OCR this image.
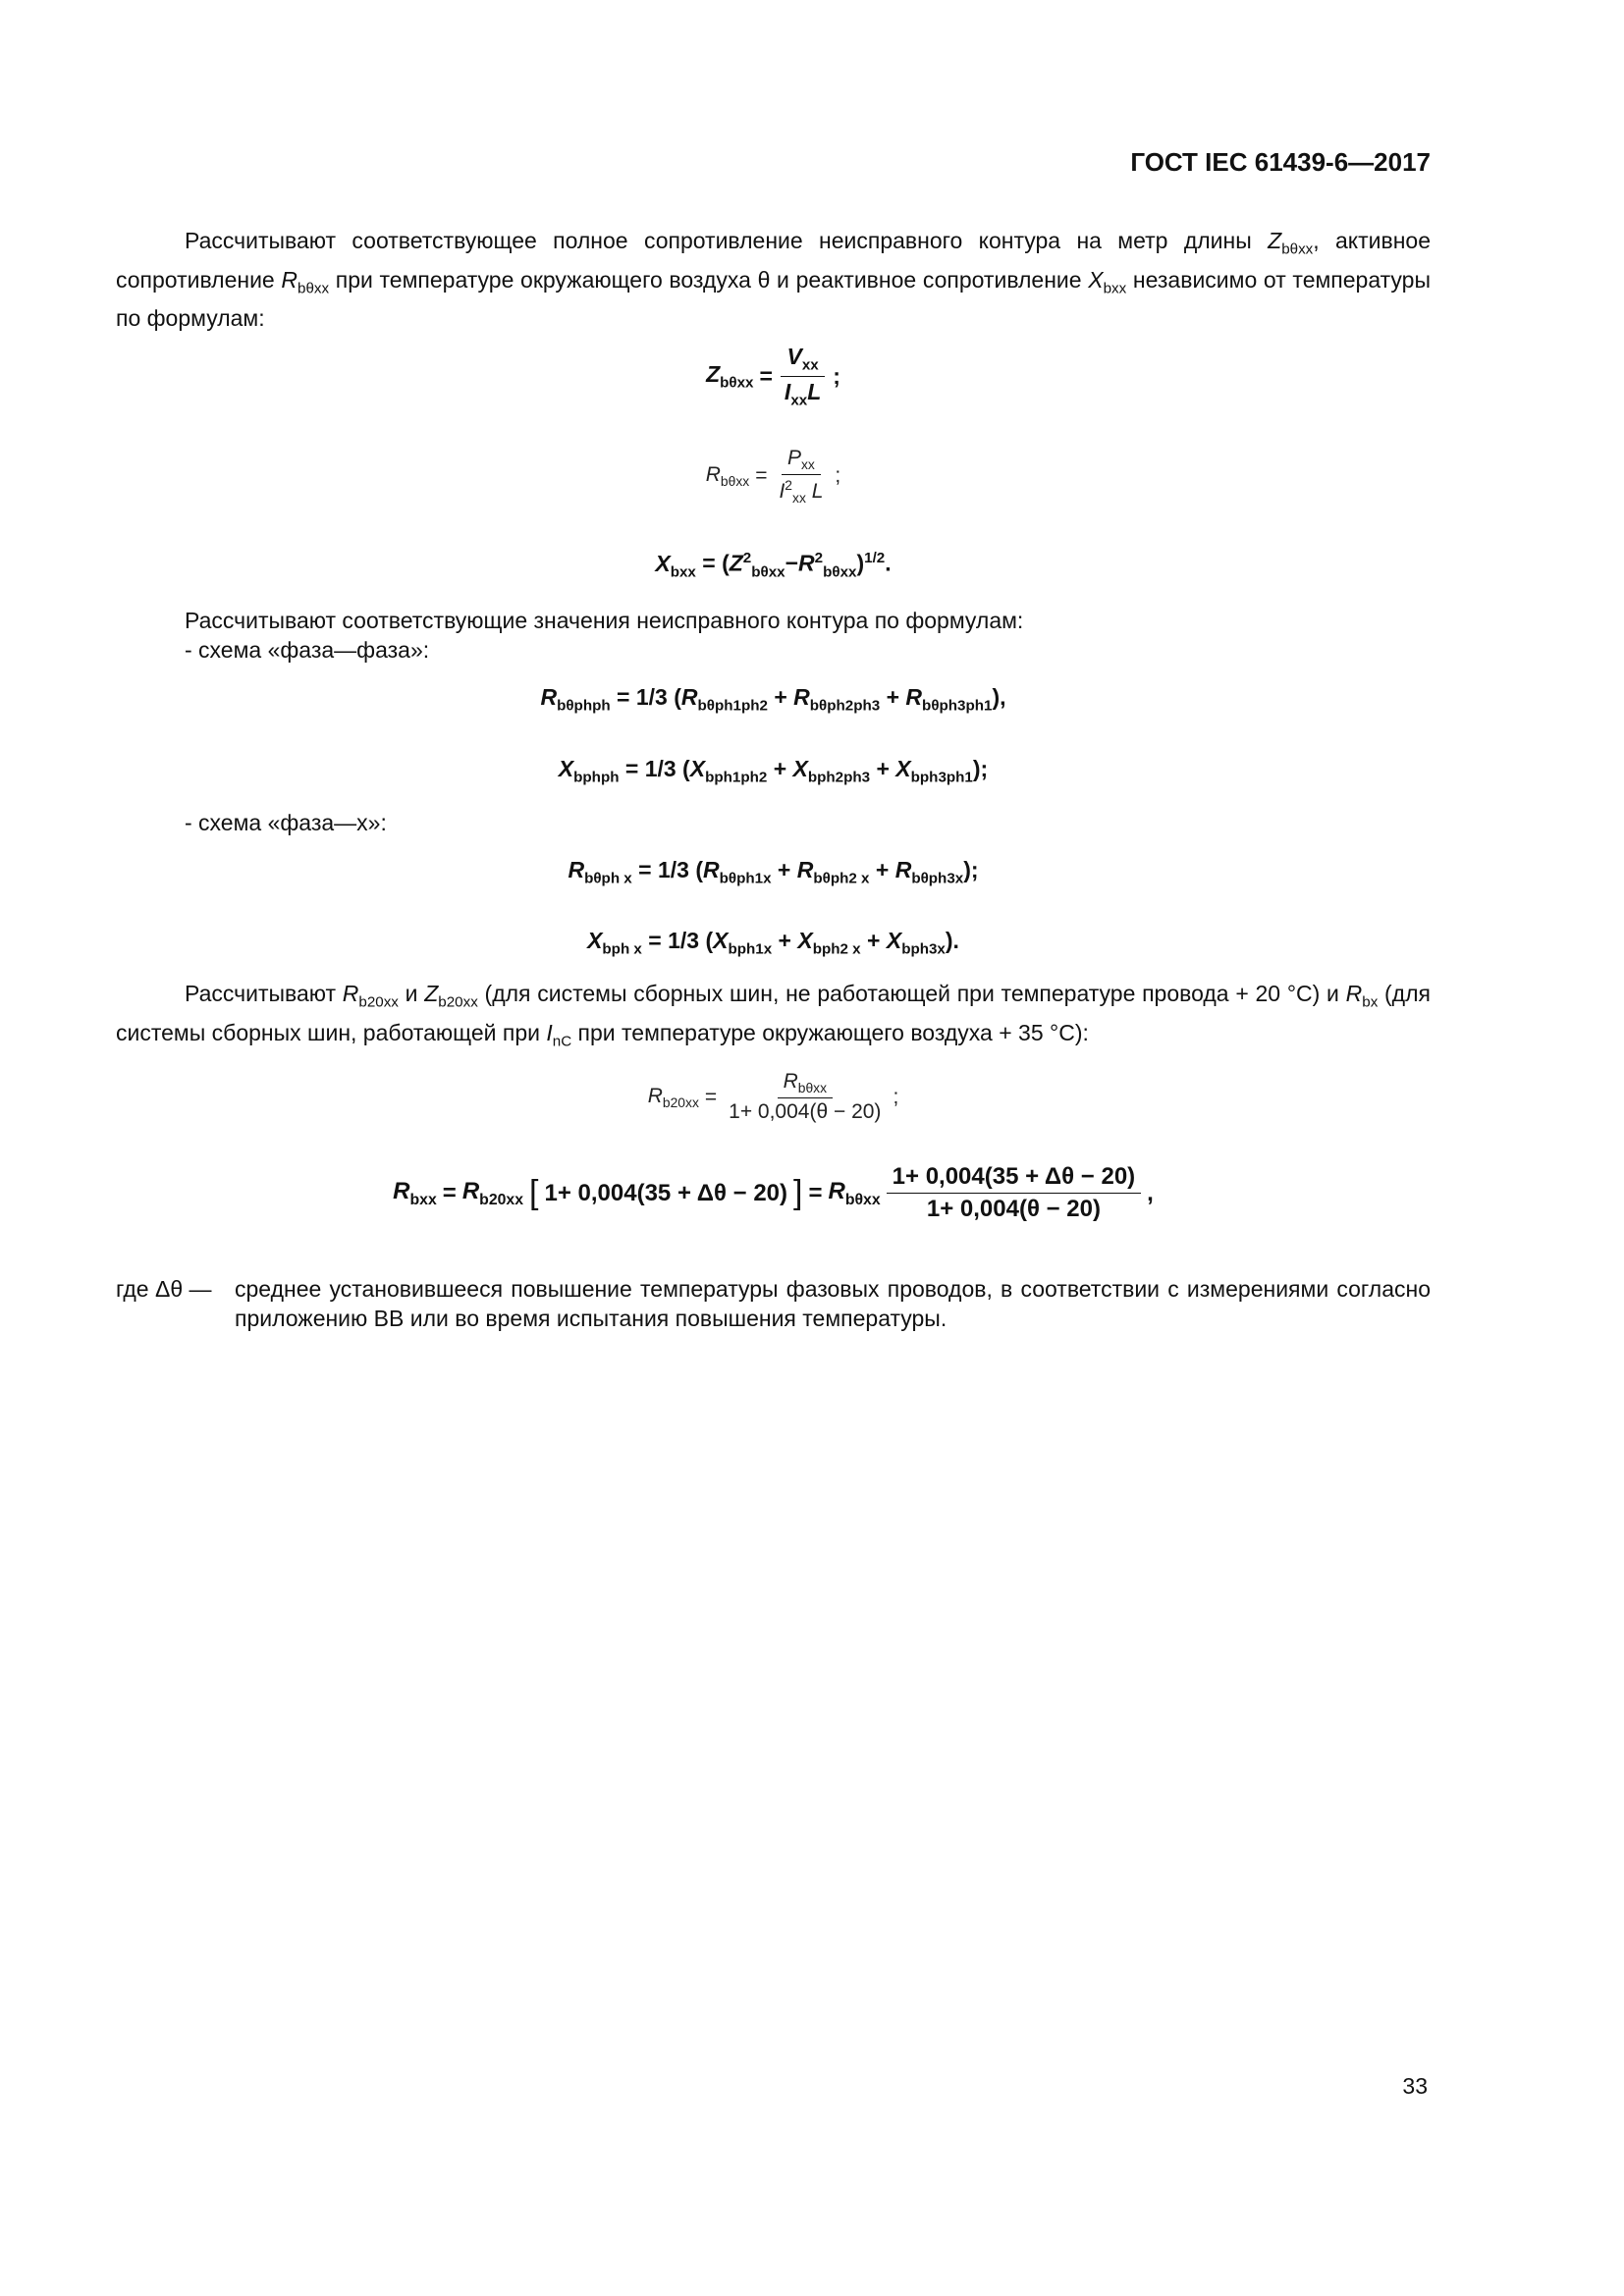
ГОСТ IEC 61439-6—2017
Рассчитывают соответствующее полное сопротивление неисправного контура на метр длины $Z_{b\theta xx}$, активное сопротивление $R_{b\theta xx}$ при температуре окружающего воздуха θ и реактивное сопротивление $X_{bxx}$ независимо от температуры по формулам:
$Z_{b\theta xx} = \frac{V_{xx}}{I_{xx}L}$ ;
$R_{b\theta xx} = \frac{P_{xx}}{I^2_{xx} L}$ ;
$X_{bxx} = (Z^2_{b\theta xx}-R^2_{b\theta xx})^{1/2}$.
Рассчитывают соответствующие значения неисправного контура по формулам:
- схема «фаза—фаза»:
$R_{b\theta phph} = 1/3$ $(R_{b\theta ph1ph2} + R_{b\theta ph2ph3} + R_{b\theta ph3ph1})$,
$X_{bphph} = 1/3$ $(X_{bph1ph2} + X_{bph2ph3} + X_{bph3ph1})$;
- схема «фаза—х»:
$R_{b\theta ph x} = 1/3$ $(R_{b\theta ph1x} + R_{b\theta ph2 x} + R_{b\theta ph3x})$;
$X_{bph x} = 1/3$ $(X_{bph1x} + X_{bph2 x} + X_{bph3x})$.
Рассчитывают $R_{b20xx}$ и $Z_{b20xx}$ (для системы сборных шин, не работающей при температуре провода + 20 °С) и $R_{bx}$ (для системы сборных шин, работающей при $I_{nC}$ при температуре окружающего воздуха + 35 °С):
$R_{b20xx} = \frac{R_{b\theta xx}}{1+ 0,004(\theta - 20)}$ ;
$R_{bxx} = R_{b20xx}$ [ 1+ 0,004(35 + Δθ − 20) ] = $R_{b\theta xx} \frac{1+ 0,004(35 + \Delta\theta - 20)}{1+ 0,004(\theta - 20)}$ ,
где Δθ — среднее установившееся повышение температуры фазовых проводов, в соответствии с измерениями согласно приложению ВВ или во время испытания повышения температуры.
33
